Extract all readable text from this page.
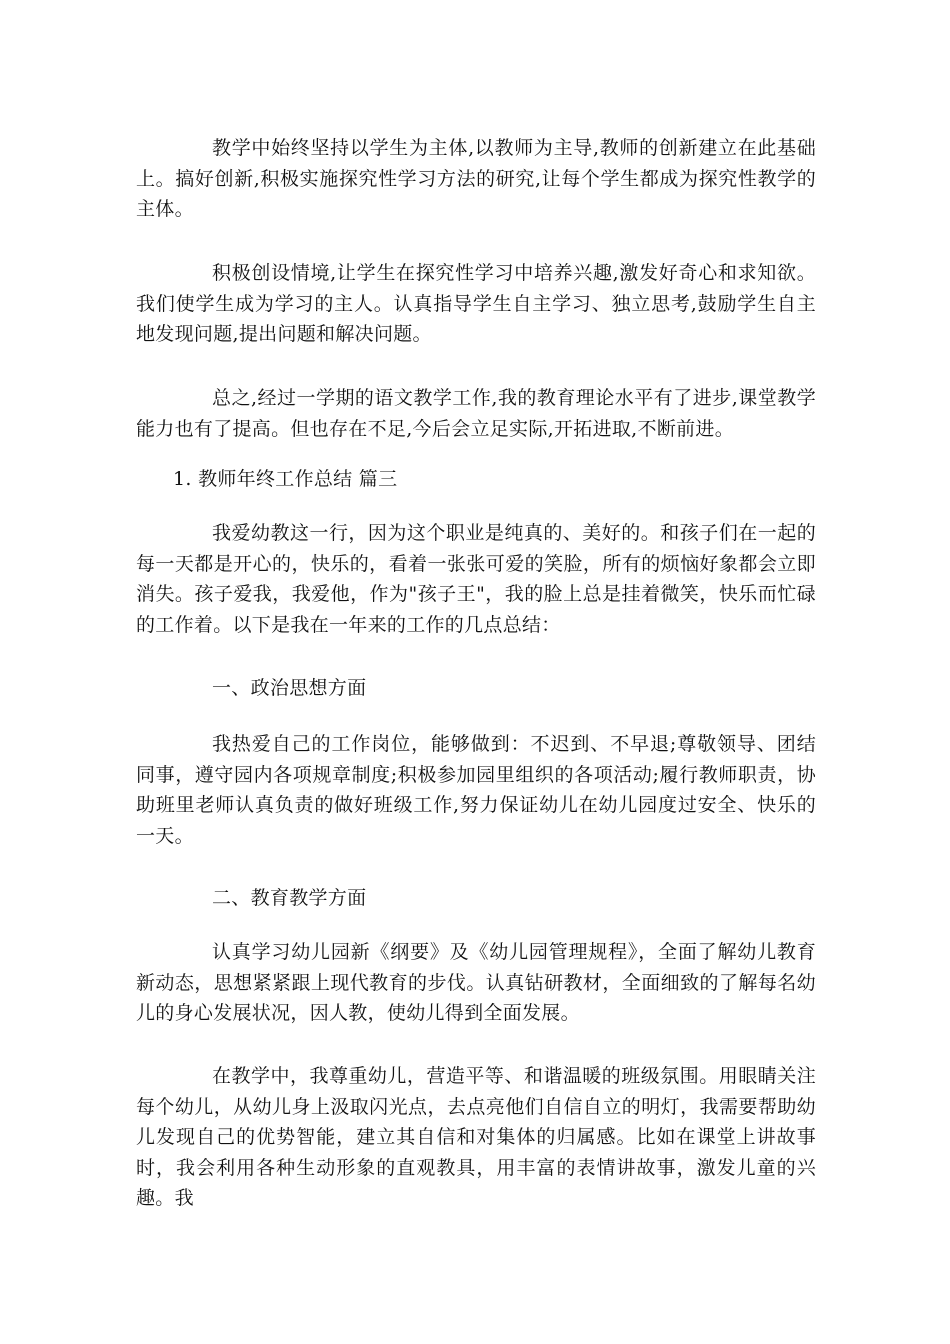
教学中始终坚持以学生为主体,以教师为主导,教师的创新建立在此基础上。搞好创新,积极实施探究性学习方法的研究,让每个学生都成为探究性教学的主体。

积极创设情境,让学生在探究性学习中培养兴趣,激发好奇心和求知欲。我们使学生成为学习的主人。认真指导学生自主学习、独立思考,鼓励学生自主地发现问题,提出问题和解决问题。

总之,经过一学期的语文教学工作,我的教育理论水平有了进步,课堂教学能力也有了提高。但也存在不足,今后会立足实际,开拓进取,不断前进。

1. 教师年终工作总结 篇三

我爱幼教这一行，因为这个职业是纯真的、美好的。和孩子们在一起的每一天都是开心的，快乐的，看着一张张可爱的笑脸，所有的烦恼好象都会立即消失。孩子爱我，我爱他，作为"孩子王"，我的脸上总是挂着微笑，快乐而忙碌的工作着。以下是我在一年来的工作的几点总结：

一、政治思想方面

我热爱自己的工作岗位，能够做到：不迟到、不早退;尊敬领导、团结同事，遵守园内各项规章制度;积极参加园里组织的各项活动;履行教师职责，协助班里老师认真负责的做好班级工作,努力保证幼儿在幼儿园度过安全、快乐的一天。

二、教育教学方面

认真学习幼儿园新《纲要》及《幼儿园管理规程》，全面了解幼儿教育新动态，思想紧紧跟上现代教育的步伐。认真钻研教材，全面细致的了解每名幼儿的身心发展状况，因人教，使幼儿得到全面发展。

在教学中，我尊重幼儿，营造平等、和谐温暖的班级氛围。用眼睛关注每个幼儿，从幼儿身上汲取闪光点，去点亮他们自信自立的明灯，我需要帮助幼儿发现自己的优势智能，建立其自信和对集体的归属感。比如在课堂上讲故事时，我会利用各种生动形象的直观教具，用丰富的表情讲故事，激发儿童的兴趣。我
